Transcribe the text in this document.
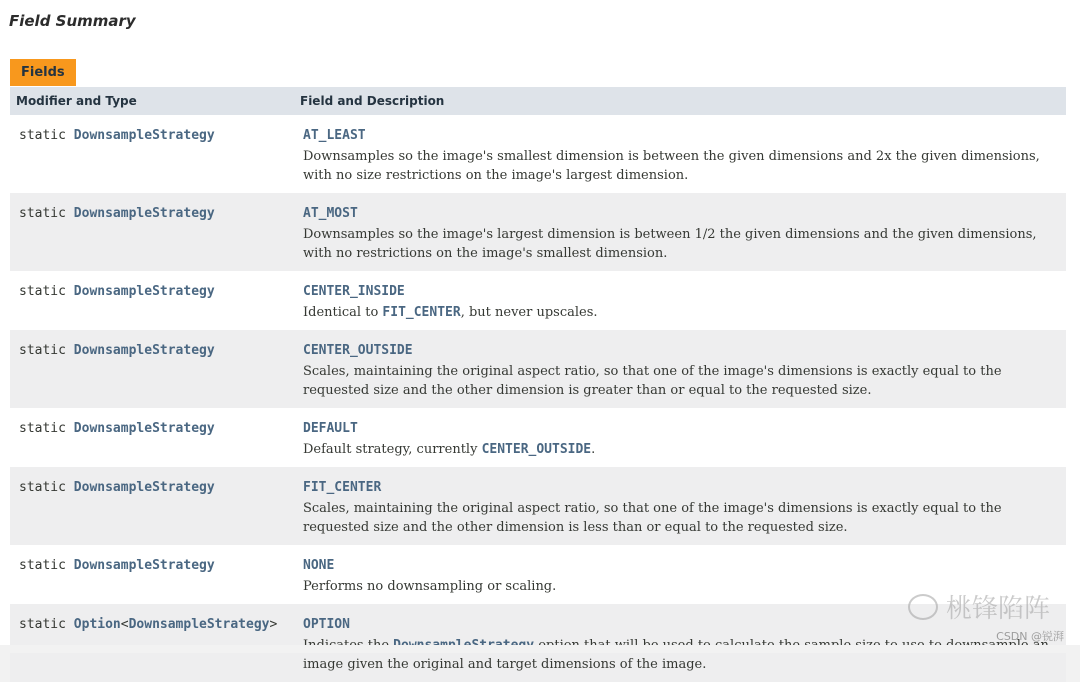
Field Summary
Fields
Modifier and Type	Field and Description
static DownsampleStrategy	AT_LEAST
Downsamples so the image's smallest dimension is between the given dimensions and 2x the given dimensions, with no size restrictions on the image's largest dimension.

static DownsampleStrategy	AT_MOST
Downsamples so the image's largest dimension is between 1/2 the given dimensions and the given dimensions, with no restrictions on the image's smallest dimension.

static DownsampleStrategy	CENTER_INSIDE
Identical to FIT_CENTER, but never upscales.

static DownsampleStrategy	CENTER_OUTSIDE
Scales, maintaining the original aspect ratio, so that one of the image's dimensions is exactly equal to the requested size and the other dimension is greater than or equal to the requested size.

static DownsampleStrategy	DEFAULT
Default strategy, currently CENTER_OUTSIDE.

static DownsampleStrategy	FIT_CENTER
Scales, maintaining the original aspect ratio, so that one of the image's dimensions is exactly equal to the requested size and the other dimension is less than or equal to the requested size.

static DownsampleStrategy	NONE
Performs no downsampling or scaling.

static Option<DownsampleStrategy>	OPTION
image given the original and target dimensions of the image.
桃锋陷阵
CSDN @锐湃
